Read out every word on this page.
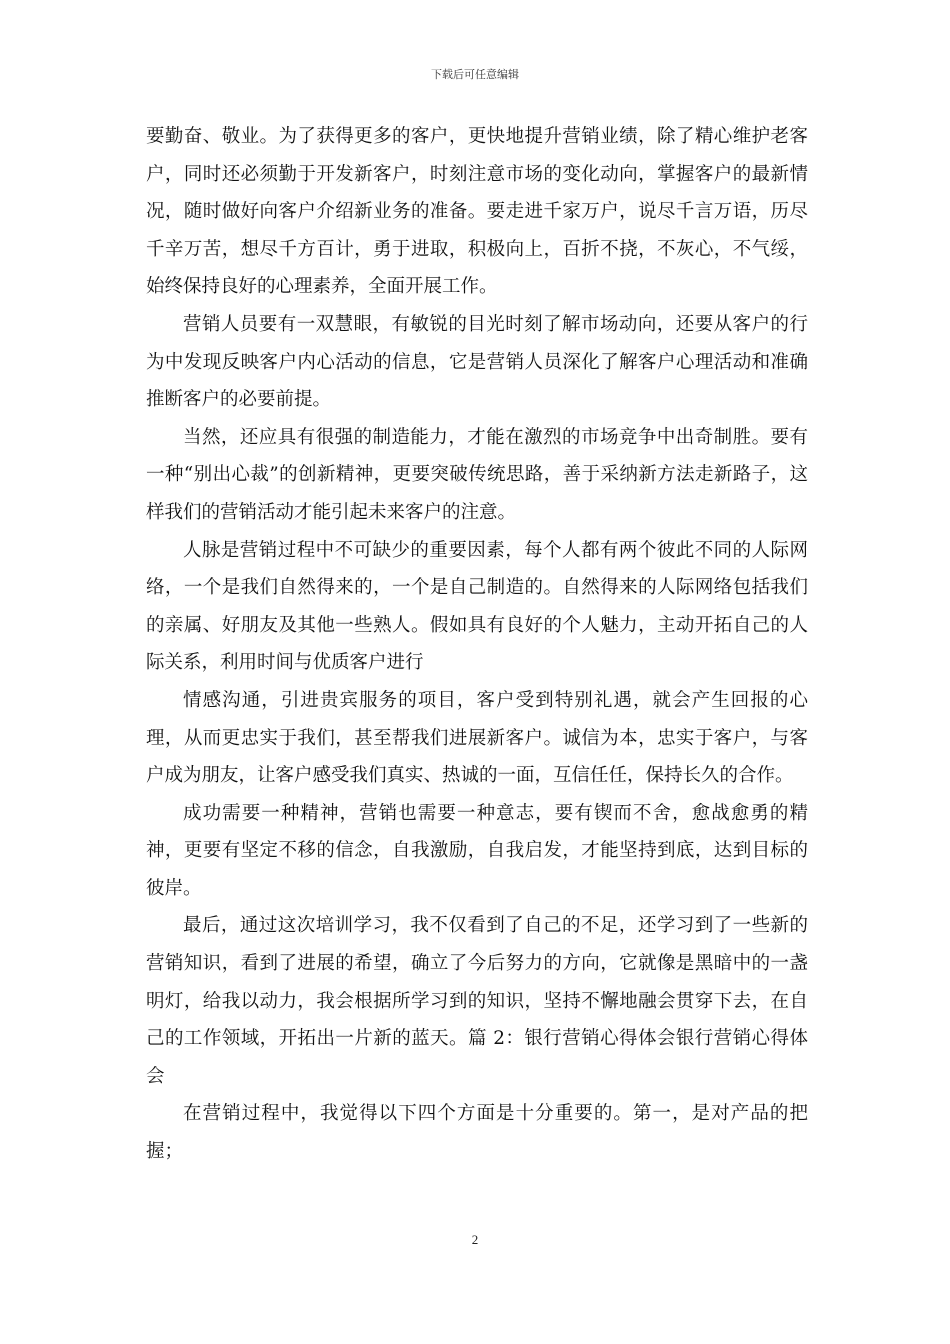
下载后可任意编辑

要勤奋、敬业。为了获得更多的客户，更快地提升营销业绩，除了精心维护老客户，同时还必须勤于开发新客户，时刻注意市场的变化动向，掌握客户的最新情况，随时做好向客户介绍新业务的准备。要走进千家万户，说尽千言万语，历尽千辛万苦，想尽千方百计，勇于进取，积极向上，百折不挠，不灰心，不气绥，始终保持良好的心理素养，全面开展工作。

营销人员要有一双慧眼，有敏锐的目光时刻了解市场动向，还要从客户的行为中发现反映客户内心活动的信息，它是营销人员深化了解客户心理活动和准确推断客户的必要前提。

当然，还应具有很强的制造能力，才能在激烈的市场竞争中出奇制胜。要有一种“别出心裁”的创新精神，更要突破传统思路，善于采纳新方法走新路子，这样我们的营销活动才能引起未来客户的注意。

人脉是营销过程中不可缺少的重要因素，每个人都有两个彼此不同的人际网络，一个是我们自然得来的，一个是自己制造的。自然得来的人际网络包括我们的亲属、好朋友及其他一些熟人。假如具有良好的个人魅力，主动开拓自己的人际关系，利用时间与优质客户进行

情感沟通，引进贵宾服务的项目，客户受到特别礼遇，就会产生回报的心理，从而更忠实于我们，甚至帮我们进展新客户。诚信为本，忠实于客户，与客户成为朋友，让客户感受我们真实、热诚的一面，互信任任，保持长久的合作。

成功需要一种精神，营销也需要一种意志，要有锲而不舍，愈战愈勇的精神，更要有坚定不移的信念，自我激励，自我启发，才能坚持到底，达到目标的彼岸。

最后，通过这次培训学习，我不仅看到了自己的不足，还学习到了一些新的营销知识，看到了进展的希望，确立了今后努力的方向，它就像是黑暗中的一盏明灯，给我以动力，我会根据所学习到的知识，坚持不懈地融会贯穿下去，在自己的工作领域，开拓出一片新的蓝天。篇 2：银行营销心得体会银行营销心得体会

在营销过程中，我觉得以下四个方面是十分重要的。第一，是对产品的把握；

2
